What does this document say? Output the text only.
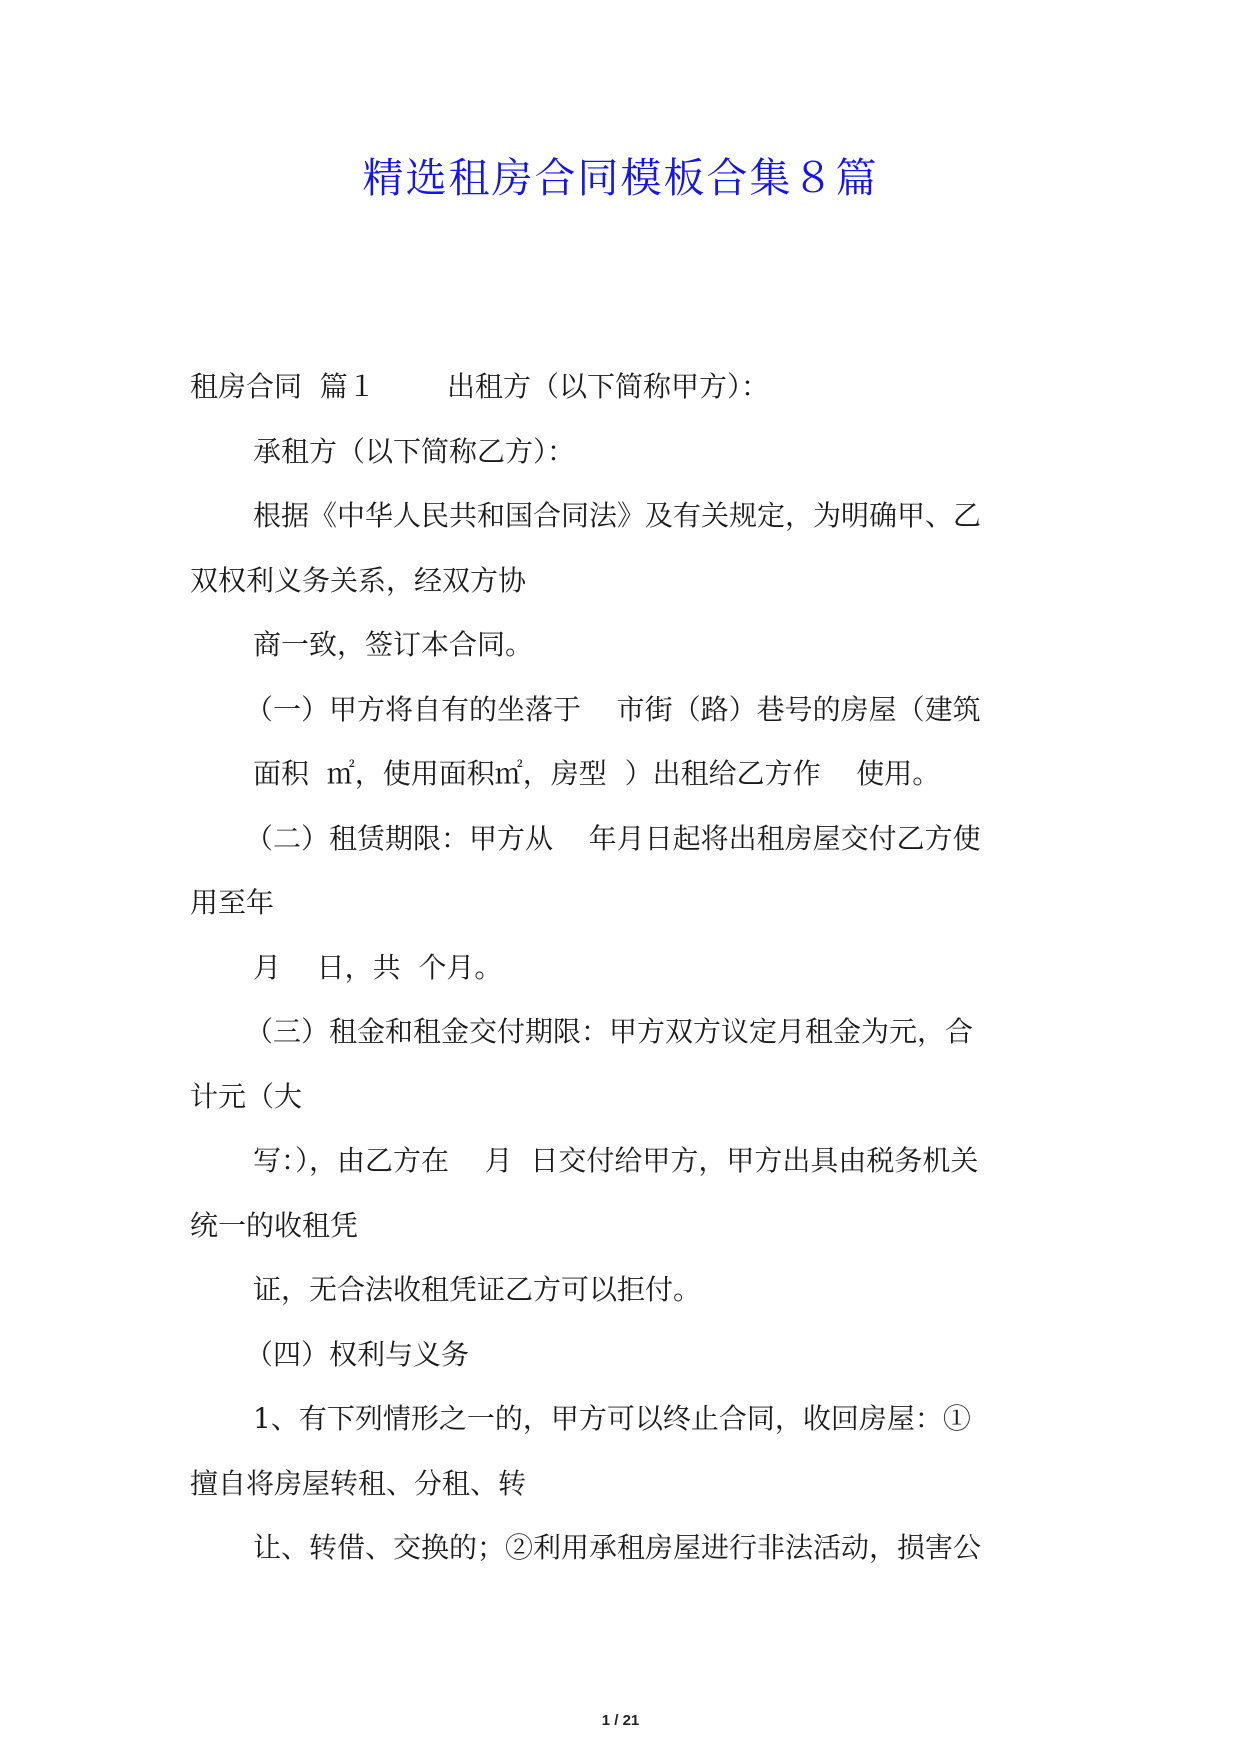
精选租房合同模板合集８篇
租房合同  篇１        出租方（以下简称甲方）：
承租方（以下简称乙方）：
根据《中华人民共和国合同法》及有关规定，为明确甲、乙
双权利义务关系，经双方协
商一致，签订本合同。
（一）甲方将自有的坐落于    市街（路）巷号的房屋（建筑
面积  ㎡，使用面积㎡，房型  ）出租给乙方作    使用。
（二）租赁期限：甲方从    年月日起将出租房屋交付乙方使
用至年
月    日，共  个月。
（三）租金和租金交付期限：甲方双方议定月租金为元，合
计元（大
写：），由乙方在    月  日交付给甲方，甲方出具由税务机关
统一的收租凭
证，无合法收租凭证乙方可以拒付。
（四）权利与义务
1、有下列情形之一的，甲方可以终止合同，收回房屋：①
擅自将房屋转租、分租、转
让、转借、交换的；②利用承租房屋进行非法活动，损害公
1 / 21
